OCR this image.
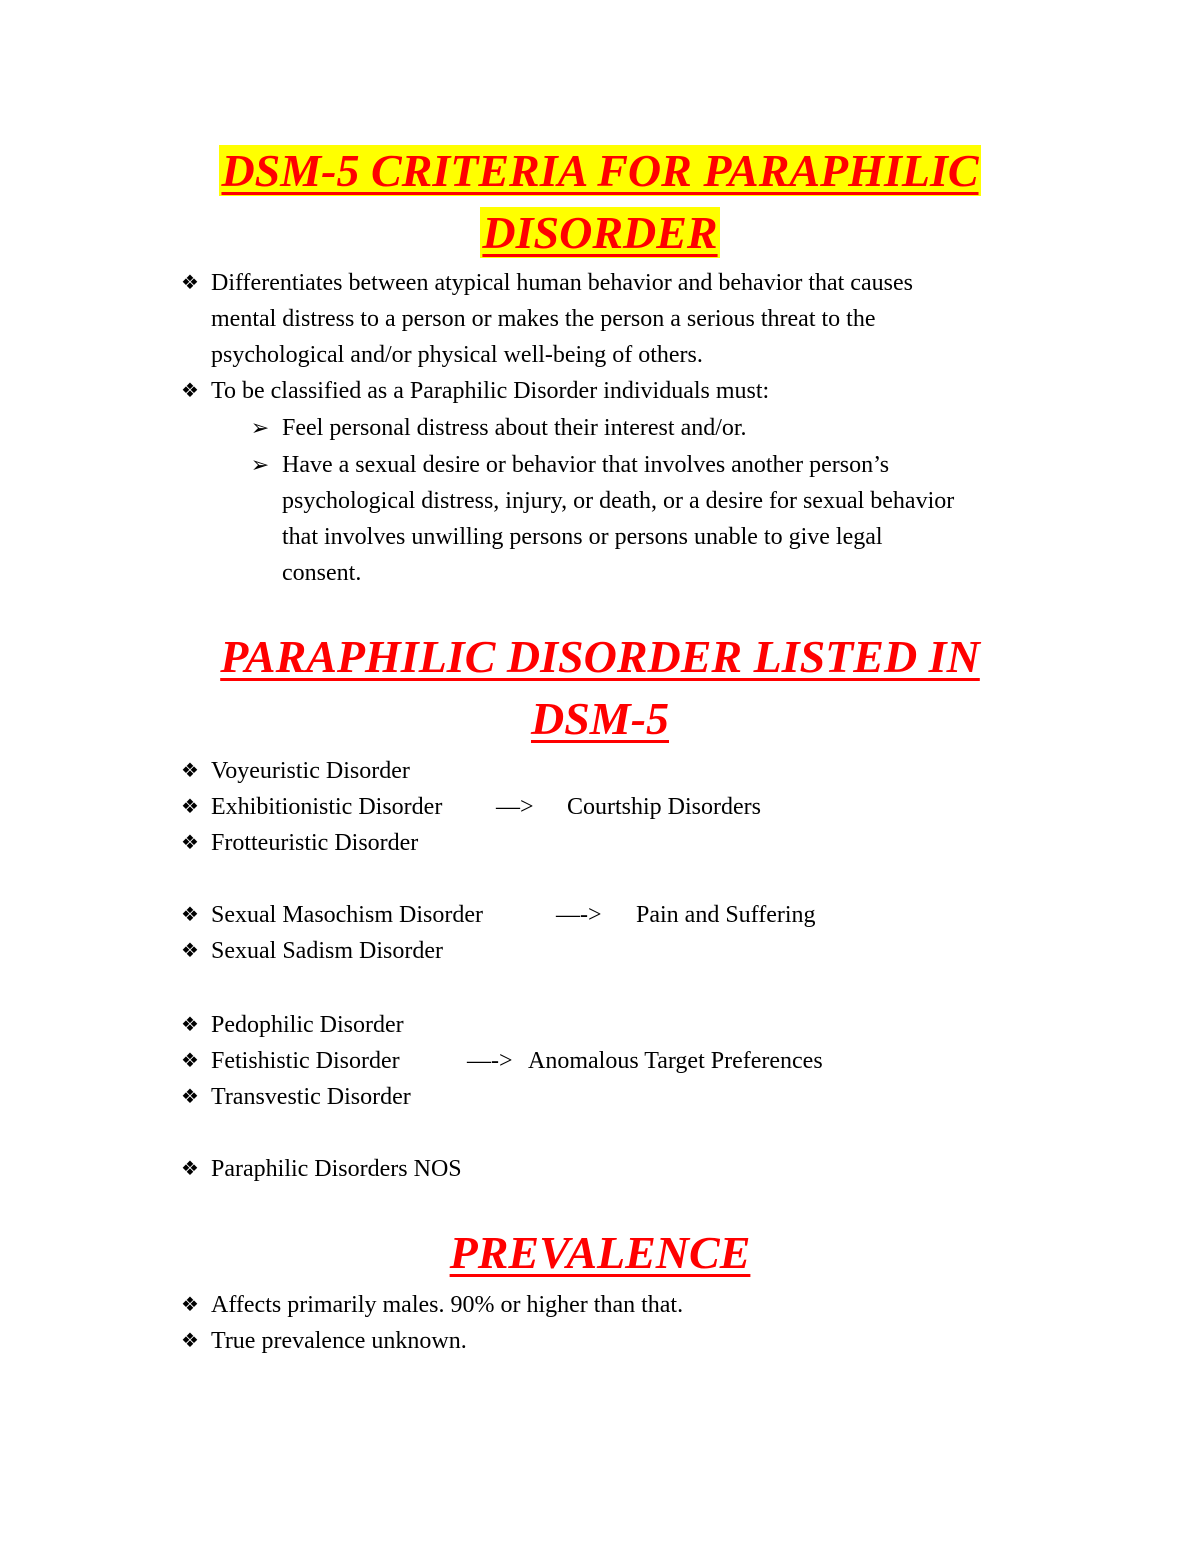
DSM-5 CRITERIA FOR PARAPHILIC
DISORDER
❖ Differentiates between atypical human behavior and behavior that causes

mental distress to a person or makes the person a serious threat to the

psychological and/or physical well-being of others.

❖ To be classified as a Paraphilic Disorder individuals must:

➢ Feel personal distress about their interest and/or.

➢ Have a sexual desire or behavior that involves another person’s

psychological distress, injury, or death, or a desire for sexual behavior

that involves unwilling persons or persons unable to give legal

consent.

PARAPHILIC DISORDER LISTED IN
DSM-5
❖ Voyeuristic Disorder

❖ Exhibitionistic Disorder —> Courtship Disorders
❖ Frotteuristic Disorder

❖ Sexual Masochism Disorder	—-> Pain and Suffering
❖ Sexual Sadism Disorder

❖ Pedophilic Disorder

❖ Fetishistic Disorder	—-> Anomalous Target Preferences
❖ Transvestic Disorder

❖ Paraphilic Disorders NOS

PREVALENCE
❖ Affects primarily males. 90% or higher than that.

❖ True prevalence unknown.
